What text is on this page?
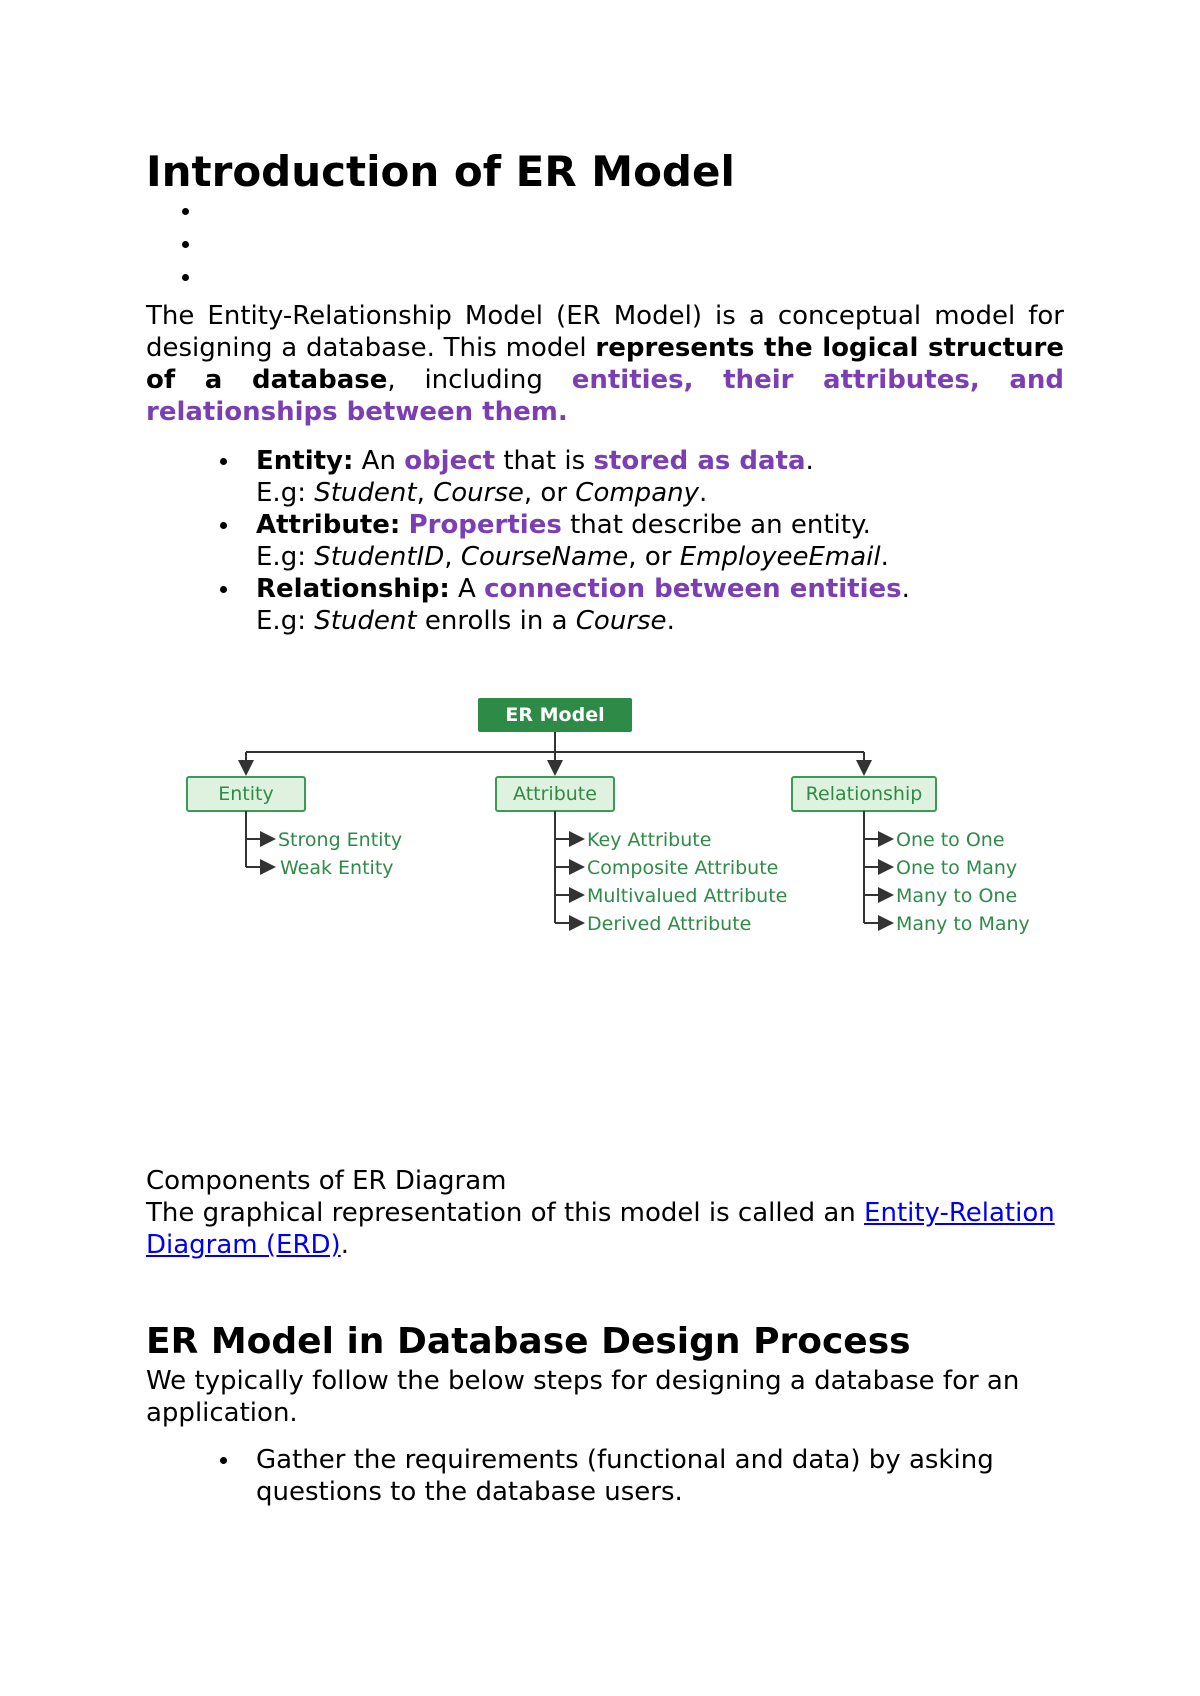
Introduction of ER Model

The Entity-Relationship Model (ER Model) is a conceptual model for designing a database. This model represents the logical structure of a database, including entities, their attributes, and relationships between them.

Entity: An object that is stored as data.
E.g: Student, Course, or Company.
Attribute: Properties that describe an entity.
E.g: StudentID, CourseName, or EmployeeEmail.
Relationship: A connection between entities.
E.g: Student enrolls in a Course.
ER Model
Entity
Strong Entity
Weak Entity
Attribute
Key Attribute
Composite Attribute
Multivalued Attribute
Derived Attribute
Relationship
One to One
One to Many
Many to One
Many to Many

Components of ER Diagram

The graphical representation of this model is called an Entity-Relation Diagram (ERD).

ER Model in Database Design Process

We typically follow the below steps for designing a database for an application.

Gather the requirements (functional and data) by asking questions to the database users.
